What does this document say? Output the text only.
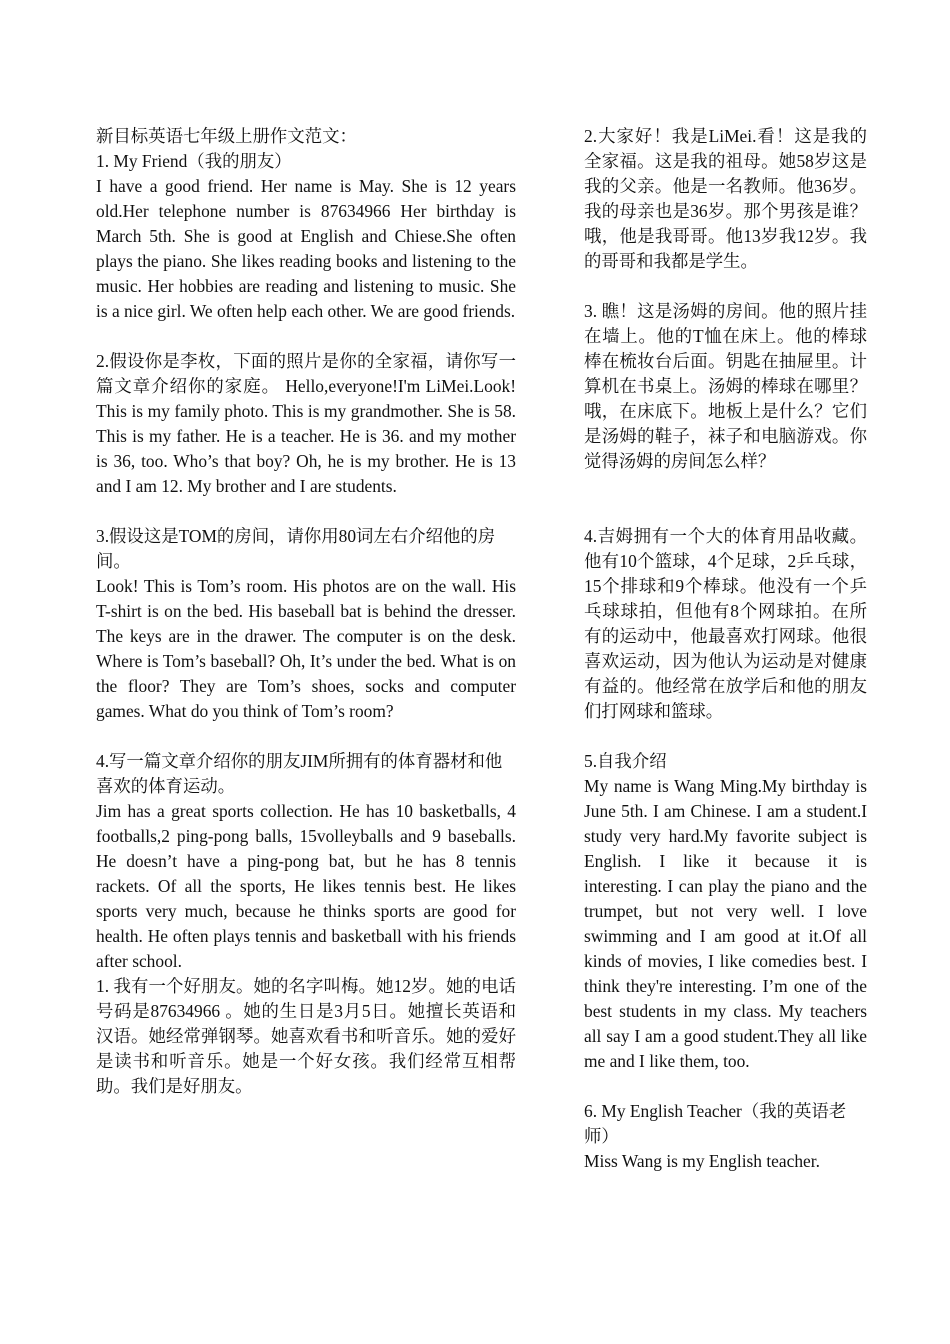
新目标英语七年级上册作文范文：

1. My Friend（我的朋友）

I have a good friend. Her name is May. She is 12 years old.Her telephone number is 87634966 Her birthday is March 5th. She is good at English and Chiese.She often plays the piano. She likes reading books and listening to the music. Her hobbies are reading and listening to music. She is a nice girl. We often help each other. We are good friends.

2.假设你是李枚，下面的照片是你的全家福，请你写一篇文章介绍你的家庭。 Hello,everyone!I'm LiMei.Look! This is my family photo. This is my grandmother. She is 58. This is my father. He is a teacher. He is 36. and my mother is 36, too. Who’s that boy? Oh, he is my brother. He is 13 and I am 12. My brother and I are students.

3.假设这是TOM的房间，请你用80词左右介绍他的房间。

Look! This is Tom’s room. His photos are on the wall. His T-shirt is on the bed. His baseball bat is behind the dresser. The keys are in the drawer. The computer is on the desk. Where is Tom’s baseball? Oh, It’s under the bed. What is on the floor? They are Tom’s shoes, socks and computer games. What do you think of Tom’s room?

4.写一篇文章介绍你的朋友JIM所拥有的体育器材和他喜欢的体育运动。

Jim has a great sports collection. He has 10 basketballs, 4 footballs,2 ping-pong balls, 15volleyballs and 9 baseballs. He doesn’t have a ping-pong bat, but he has 8 tennis rackets. Of all the sports, He likes tennis best. He likes sports very much, because he thinks sports are good for health. He often plays tennis and basketball with his friends after school.

1. 我有一个好朋友。她的名字叫梅。她12岁。她的电话号码是87634966 。她的生日是3月5日。她擅长英语和汉语。她经常弹钢琴。她喜欢看书和听音乐。她的爱好是读书和听音乐。她是一个好女孩。我们经常互相帮助。我们是好朋友。

2.大家好！我是LiMei.看！这是我的全家福。这是我的祖母。她58岁这是我的父亲。他是一名教师。他36岁。我的母亲也是36岁。那个男孩是谁？哦，他是我哥哥。他13岁我12岁。我的哥哥和我都是学生。

3. 瞧！这是汤姆的房间。他的照片挂在墙上。他的T恤在床上。他的棒球棒在梳妆台后面。钥匙在抽屉里。计算机在书桌上。汤姆的棒球在哪里？哦，在床底下。地板上是什么？它们是汤姆的鞋子，袜子和电脑游戏。你觉得汤姆的房间怎么样？

4.吉姆拥有一个大的体育用品收藏。他有10个篮球，4个足球，2乒乓球，15个排球和9个棒球。他没有一个乒乓球球拍，但他有8个网球拍。在所有的运动中，他最喜欢打网球。他很喜欢运动，因为他认为运动是对健康有益的。他经常在放学后和他的朋友们打网球和篮球。

5.自我介绍

My name is Wang Ming.My birthday is June 5th. I am Chinese. I am a student.I study very hard.My favorite subject is English. I like it because it is interesting. I can play the piano and the trumpet, but not very well. I love swimming and I am good at it.Of all kinds of movies, I like comedies best. I think they're interesting. I’m one of the best students in my class. My teachers all say I am a good student.They all like me and I like them, too.

6. My English Teacher（我的英语老师）

Miss Wang is my English teacher.
